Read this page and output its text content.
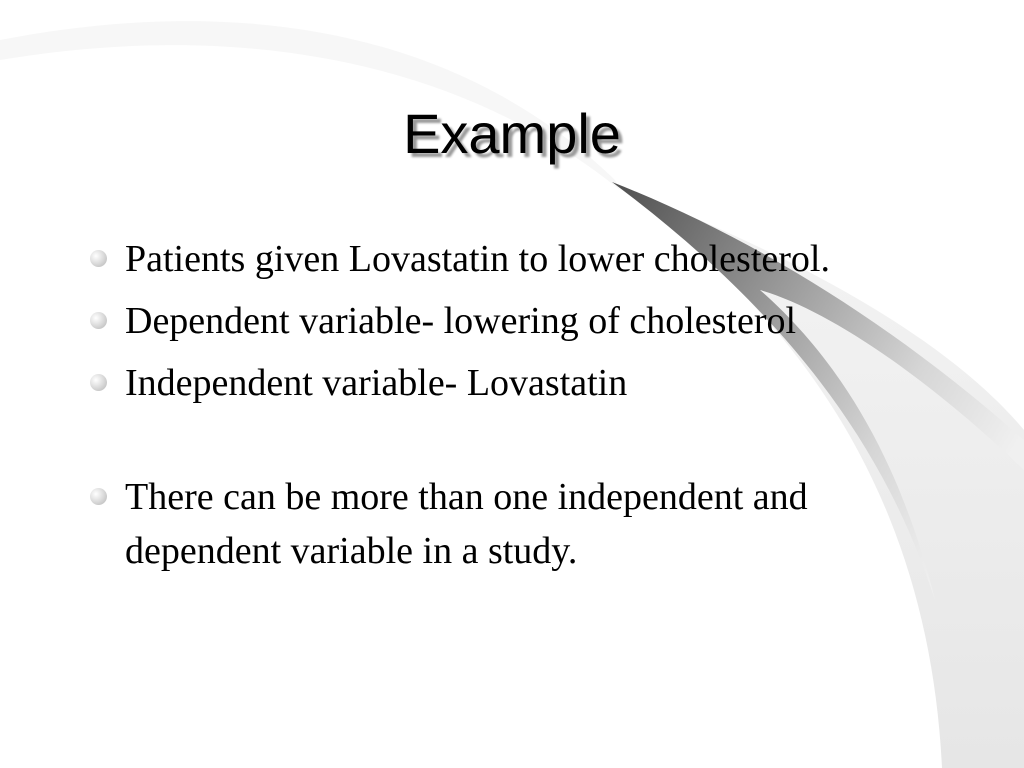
Example
Patients given Lovastatin to lower cholesterol.
Dependent variable- lowering of cholesterol
Independent variable- Lovastatin
There can be more than one independent and dependent variable in a study.
